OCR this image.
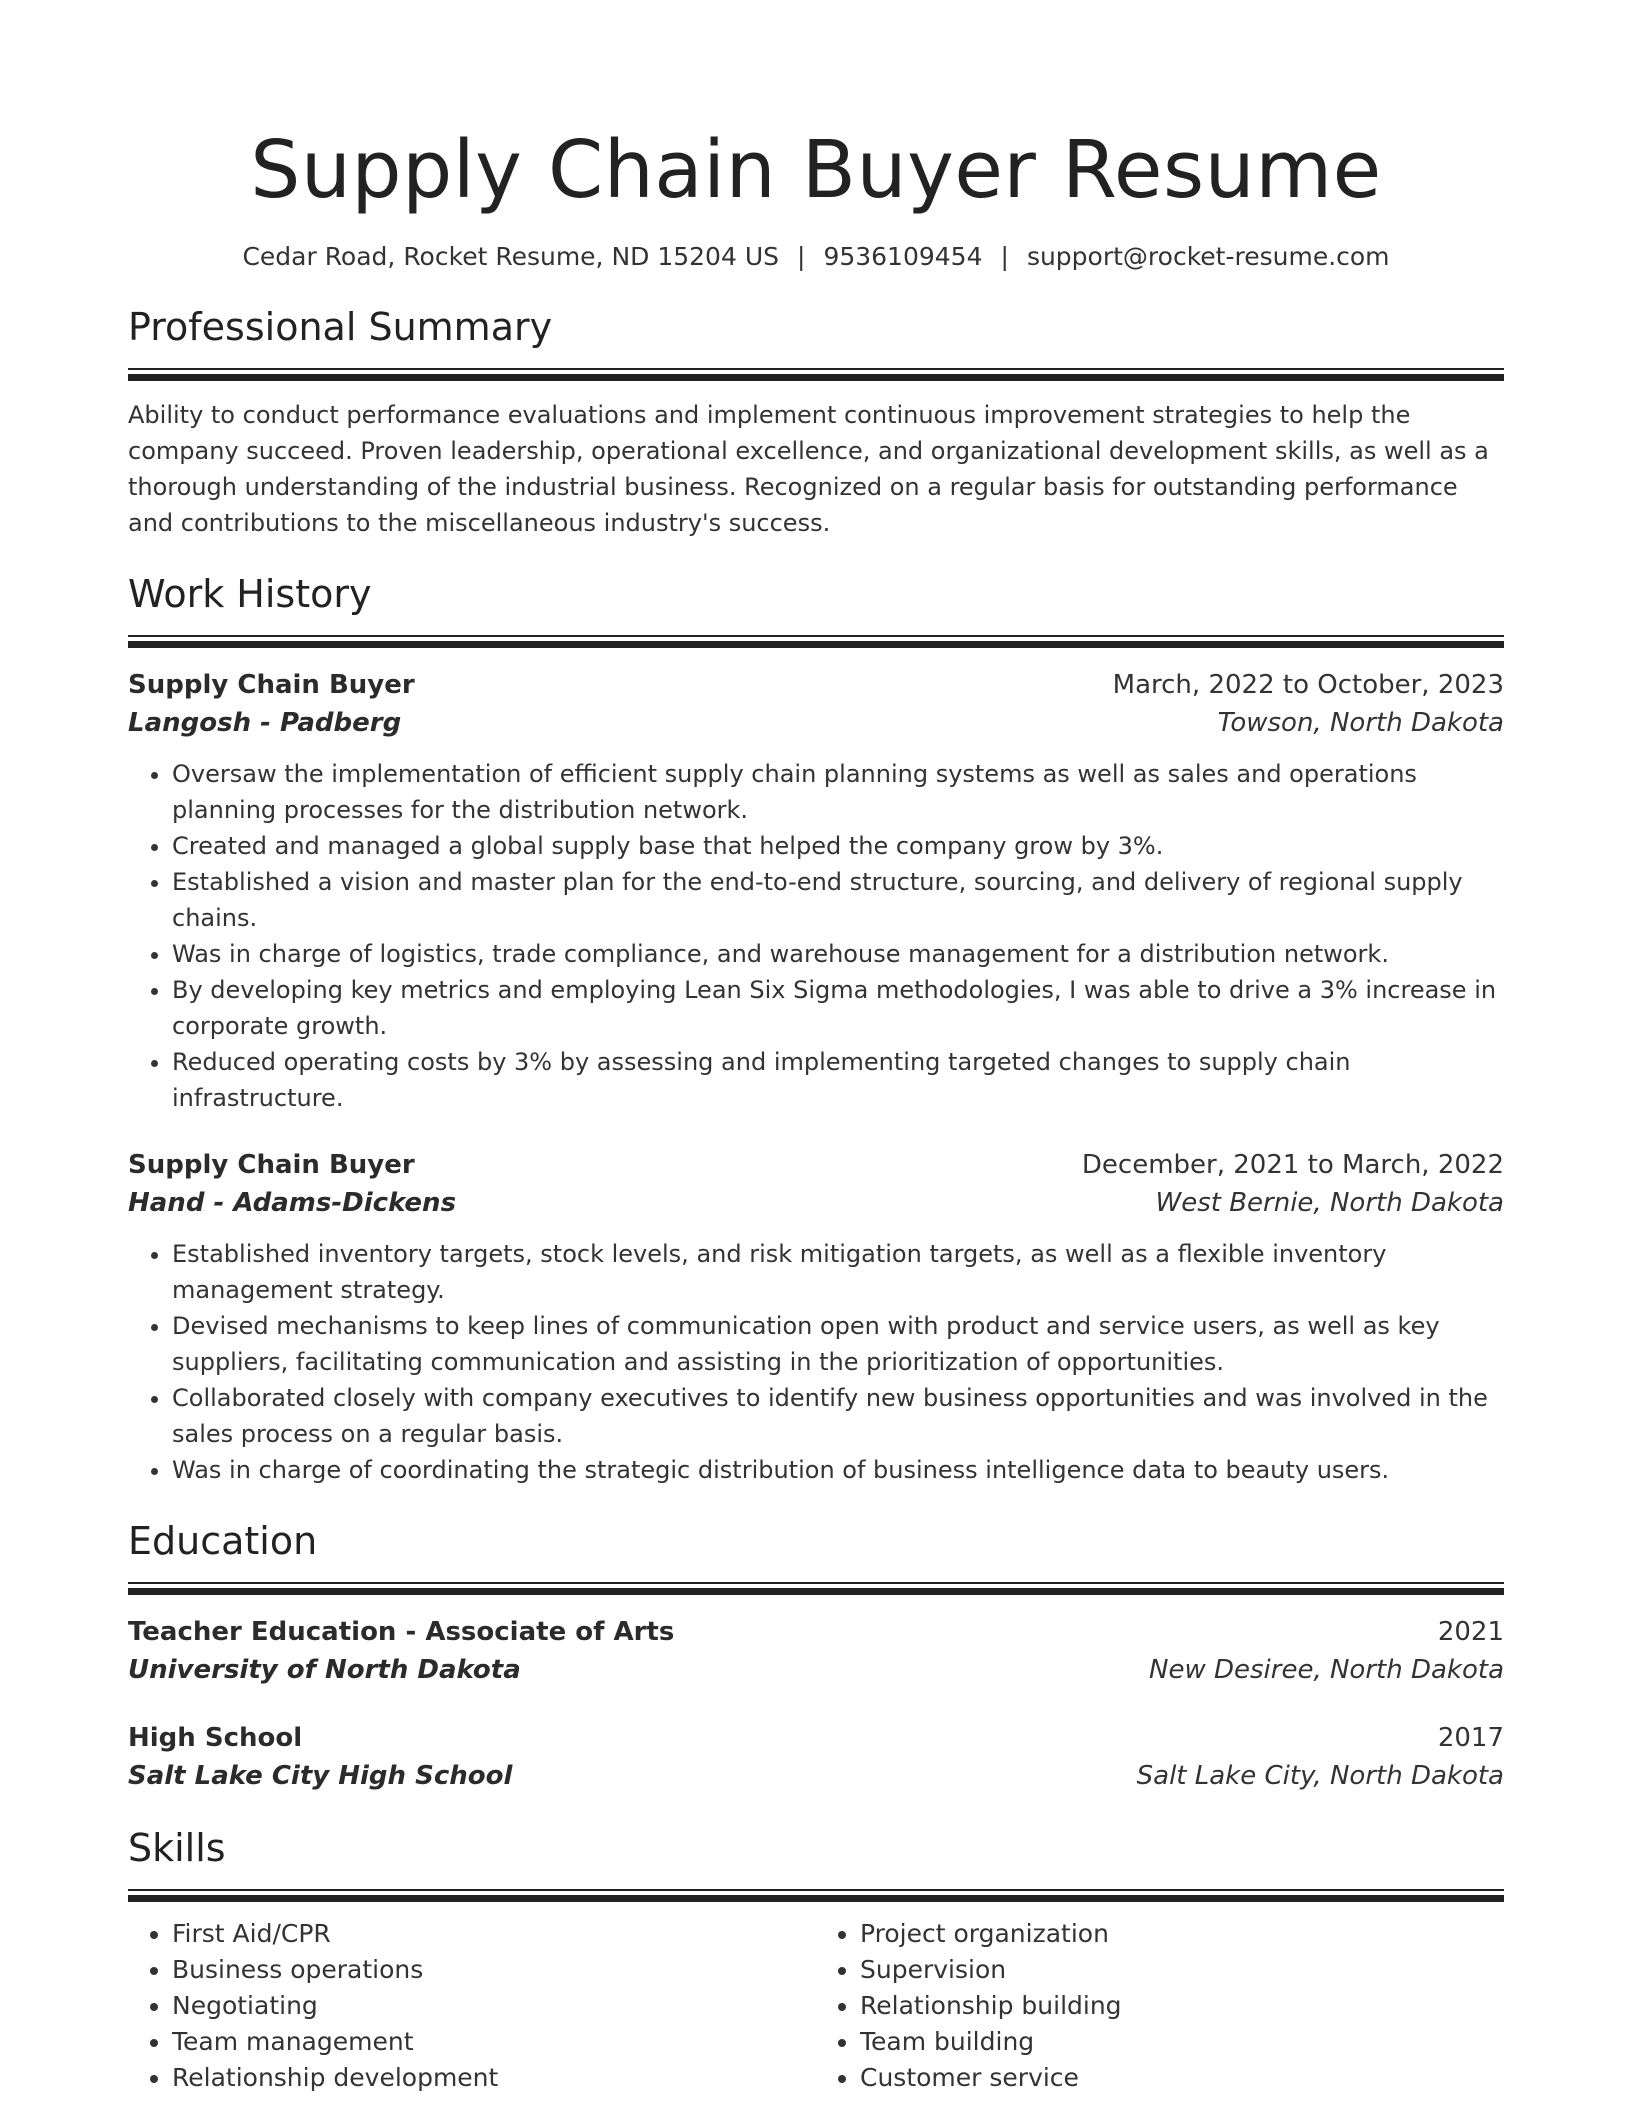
Supply Chain Buyer Resume
Cedar Road, Rocket Resume, ND 15204 US | 9536109454 | support@rocket-resume.com
Professional Summary
Ability to conduct performance evaluations and implement continuous improvement strategies to help the company succeed. Proven leadership, operational excellence, and organizational development skills, as well as a thorough understanding of the industrial business. Recognized on a regular basis for outstanding performance and contributions to the miscellaneous industry's success.
Work History
Supply Chain Buyer	March, 2022 to October, 2023
Langosh - Padberg	Towson, North Dakota
• Oversaw the implementation of efficient supply chain planning systems as well as sales and operations planning processes for the distribution network.
• Created and managed a global supply base that helped the company grow by 3%.
• Established a vision and master plan for the end-to-end structure, sourcing, and delivery of regional supply chains.
• Was in charge of logistics, trade compliance, and warehouse management for a distribution network.
• By developing key metrics and employing Lean Six Sigma methodologies, I was able to drive a 3% increase in corporate growth.
• Reduced operating costs by 3% by assessing and implementing targeted changes to supply chain infrastructure.
Supply Chain Buyer	December, 2021 to March, 2022
Hand - Adams-Dickens	West Bernie, North Dakota
• Established inventory targets, stock levels, and risk mitigation targets, as well as a flexible inventory management strategy.
• Devised mechanisms to keep lines of communication open with product and service users, as well as key suppliers, facilitating communication and assisting in the prioritization of opportunities.
• Collaborated closely with company executives to identify new business opportunities and was involved in the sales process on a regular basis.
• Was in charge of coordinating the strategic distribution of business intelligence data to beauty users.
Education
Teacher Education - Associate of Arts	2021
University of North Dakota	New Desiree, North Dakota
High School	2017
Salt Lake City High School	Salt Lake City, North Dakota
Skills
• First Aid/CPR
• Business operations
• Negotiating
• Team management
• Relationship development
• Project organization
• Supervision
• Relationship building
• Team building
• Customer service
